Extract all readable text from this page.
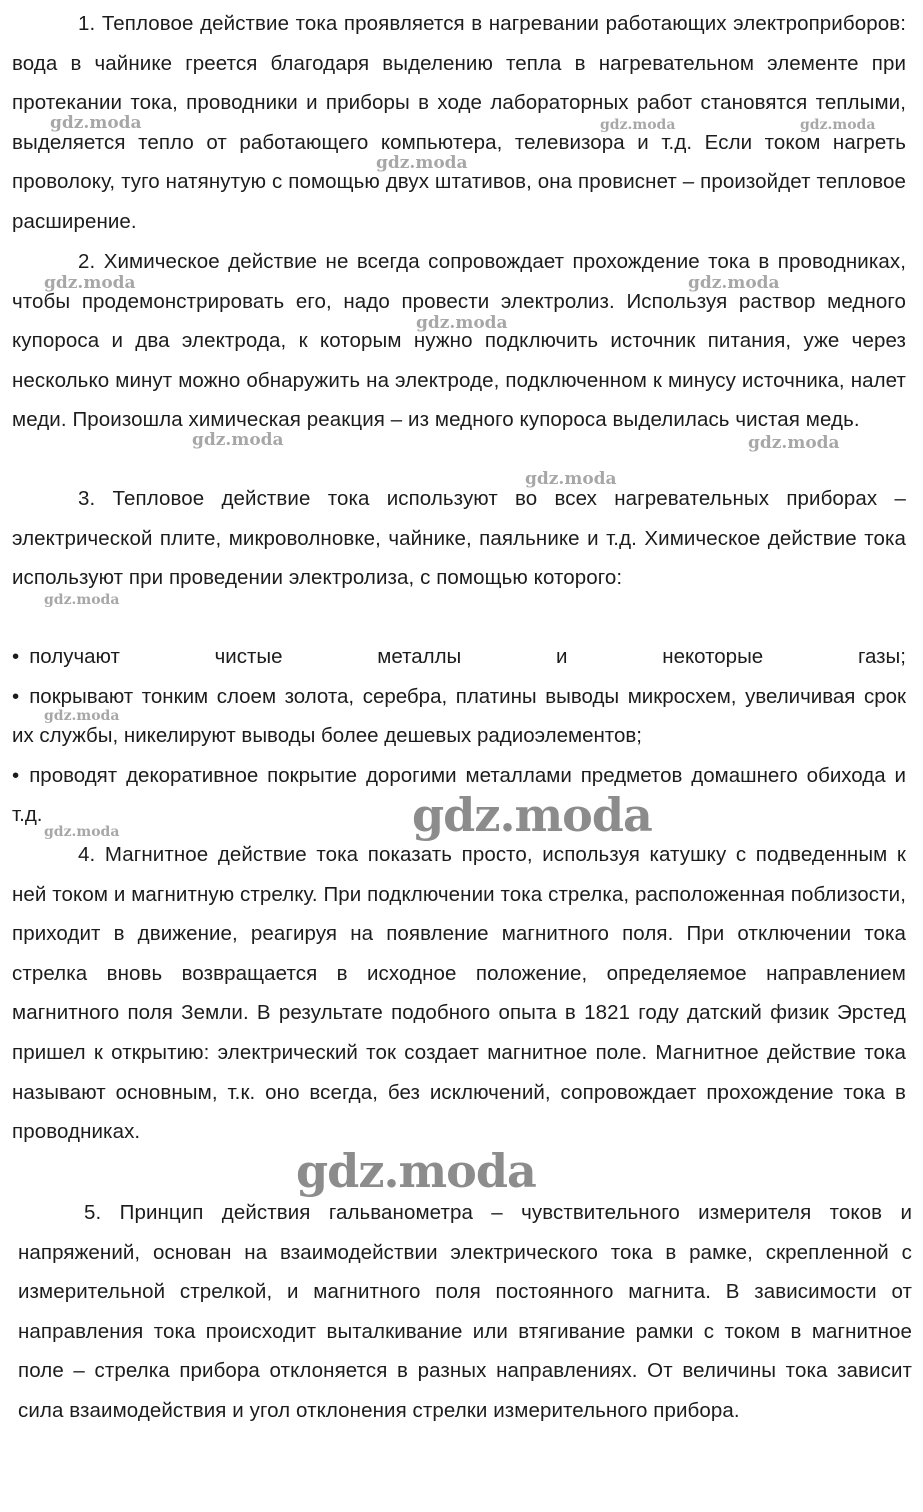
1. Тепловое действие тока проявляется в нагревании работающих электроприборов: вода в чайнике греется благодаря выделению тепла в нагревательном элементе при протекании тока, проводники и приборы в ходе лабораторных работ становятся теплыми, выделяется тепло от работающего компьютера, телевизора и т.д. Если током нагреть проволоку, туго натянутую с помощью двух штативов, она провиснет – произойдет тепловое расширение.

2. Химическое действие не всегда сопровождает прохождение тока в проводниках, чтобы продемонстрировать его, надо провести электролиз. Используя раствор медного купороса и два электрода, к которым нужно подключить источник питания, уже через несколько минут можно обнаружить на электроде, подключенном к минусу источника, налет меди. Произошла химическая реакция – из медного купороса выделилась чистая медь.

3. Тепловое действие тока используют во всех нагревательных приборах – электрической плите, микроволновке, чайнике, паяльнике и т.д. Химическое действие тока используют при проведении электролиза, с помощью которого:

• получают чистые металлы и некоторые газы;
• покрывают тонким слоем золота, серебра, платины выводы микросхем, увеличивая срок их службы, никелируют выводы более дешевых радиоэлементов;
• проводят декоративное покрытие дорогими металлами предметов домашнего обихода и т.д.

4. Магнитное действие тока показать просто, используя катушку с подведенным к ней током и магнитную стрелку. При подключении тока стрелка, расположенная поблизости, приходит в движение, реагируя на появление магнитного поля. При отключении тока стрелка вновь возвращается в исходное положение, определяемое направлением магнитного поля Земли. В результате подобного опыта в 1821 году датский физик Эрстед пришел к открытию: электрический ток создает магнитное поле. Магнитное действие тока называют основным, т.к. оно всегда, без исключений, сопровождает прохождение тока в проводниках.

5. Принцип действия гальванометра – чувствительного измерителя токов и напряжений, основан на взаимодействии электрического тока в рамке, скрепленной с измерительной стрелкой, и магнитного поля постоянного магнита. В зависимости от направления тока происходит выталкивание или втягивание рамки с током в магнитное поле – стрелка прибора отклоняется в разных направлениях. От величины тока зависит сила взаимодействия и угол отклонения стрелки измерительного прибора.

gdz.moda	gdz.moda	gdz.moda
gdz.moda
gdz.moda	gdz.moda
gdz.moda
gdz.moda	gdz.moda
gdz.moda
gdz.moda
gdz.moda
gdz.moda
gdz.moda
gdz.moda
